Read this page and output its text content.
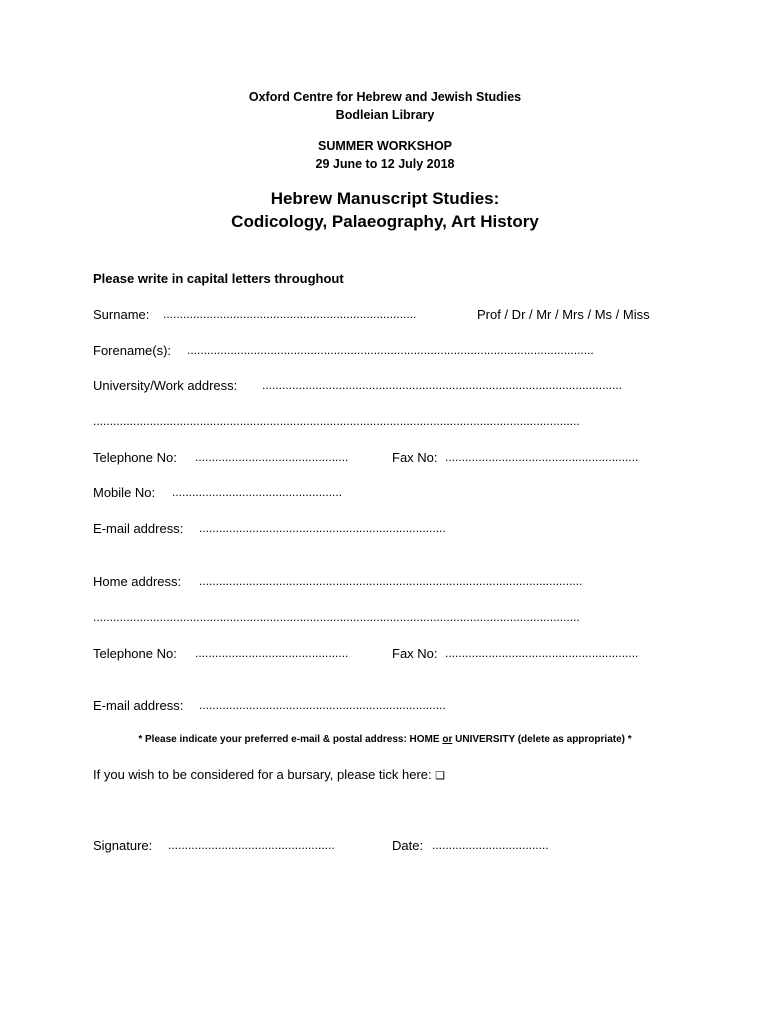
Oxford Centre for Hebrew and Jewish Studies
Bodleian Library
SUMMER WORKSHOP
29 June to 12 July 2018
Hebrew Manuscript Studies:
Codicology, Palaeography, Art History
Please write in capital letters throughout
Surname: ............................................................................	Prof / Dr / Mr / Mrs / Ms / Miss
Forename(s): ..........................................................................................................................
University/Work address: ............................................................................................................
..................................................................................................................................................
Telephone No: ..............................................	Fax No: ..........................................................
Mobile No: ...................................................
E-mail address: ..........................................................................
Home address: ...................................................................................................................
..................................................................................................................................................
Telephone No: ..............................................	Fax No: ..........................................................
E-mail address: ..........................................................................
* Please indicate your preferred e-mail & postal address: HOME or UNIVERSITY (delete as appropriate) *
If you wish to be considered for a bursary, please tick here: ❑
Signature: ..................................................	Date: ...................................
